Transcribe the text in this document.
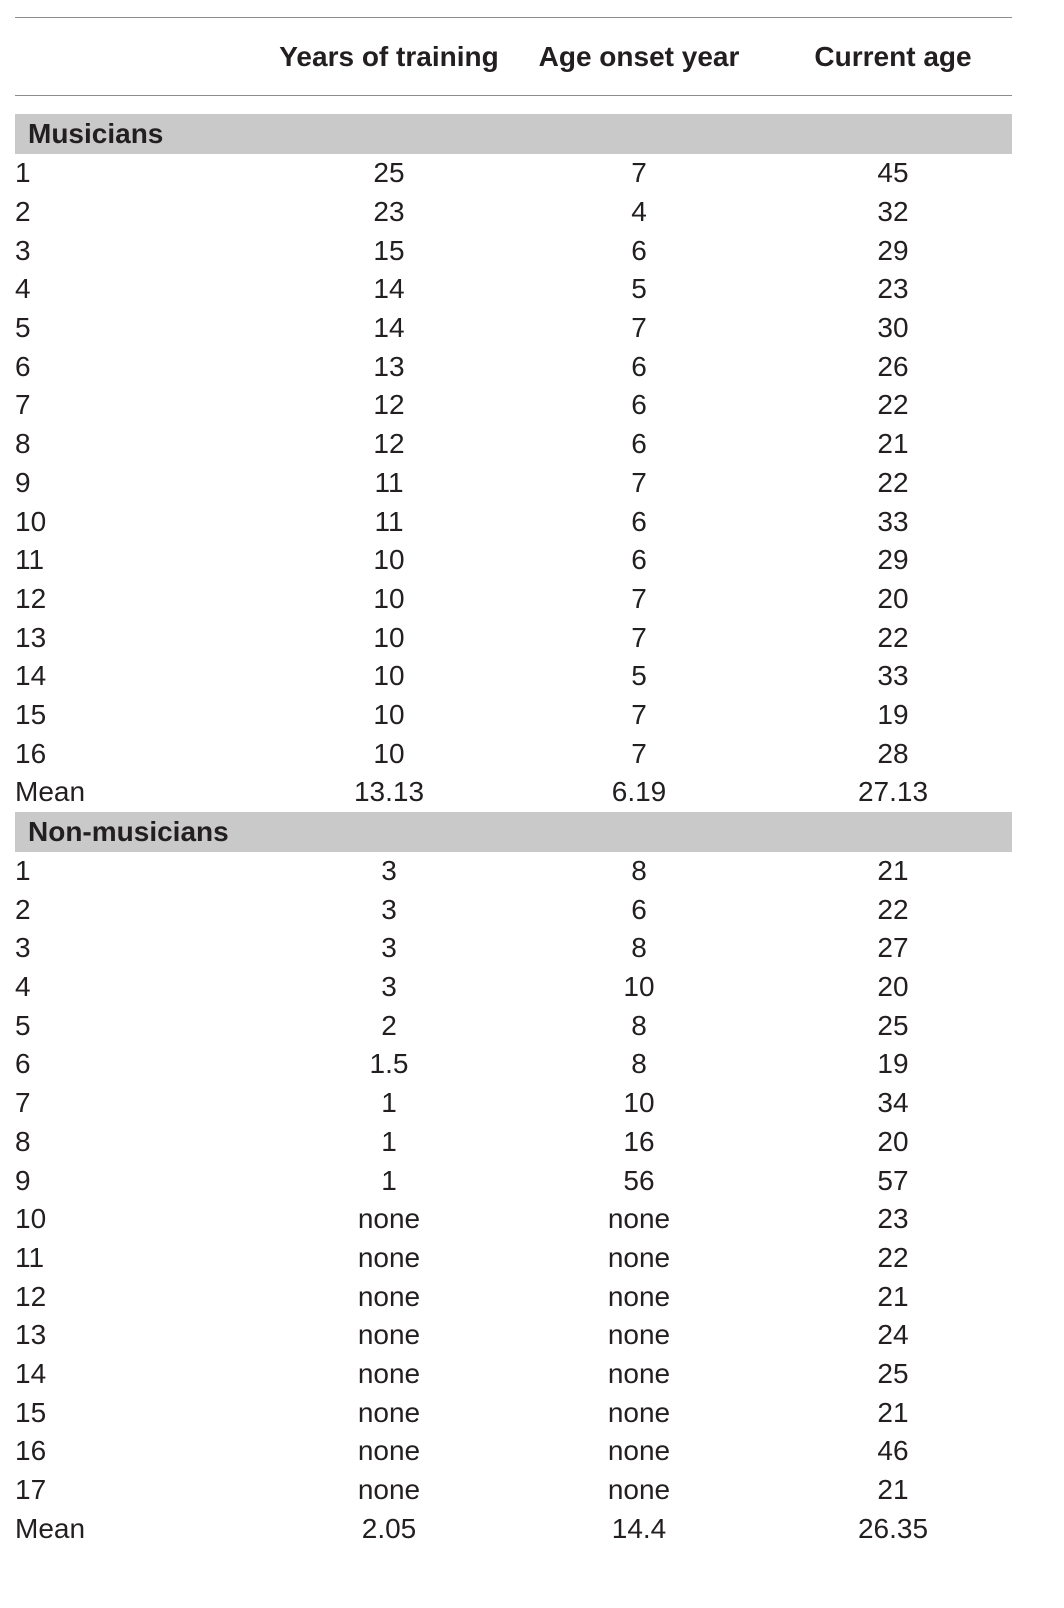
Years of training	Age onset year	Current age
Musicians
1	25	7	45
2	23	4	32
3	15	6	29
4	14	5	23
5	14	7	30
6	13	6	26
7	12	6	22
8	12	6	21
9	11	7	22
10	11	6	33
11	10	6	29
12	10	7	20
13	10	7	22
14	10	5	33
15	10	7	19
16	10	7	28
Mean	13.13	6.19	27.13
Non-musicians
1	3	8	21
2	3	6	22
3	3	8	27
4	3	10	20
5	2	8	25
6	1.5	8	19
7	1	10	34
8	1	16	20
9	1	56	57
10	none	none	23
11	none	none	22
12	none	none	21
13	none	none	24
14	none	none	25
15	none	none	21
16	none	none	46
17	none	none	21
Mean	2.05	14.4	26.35
